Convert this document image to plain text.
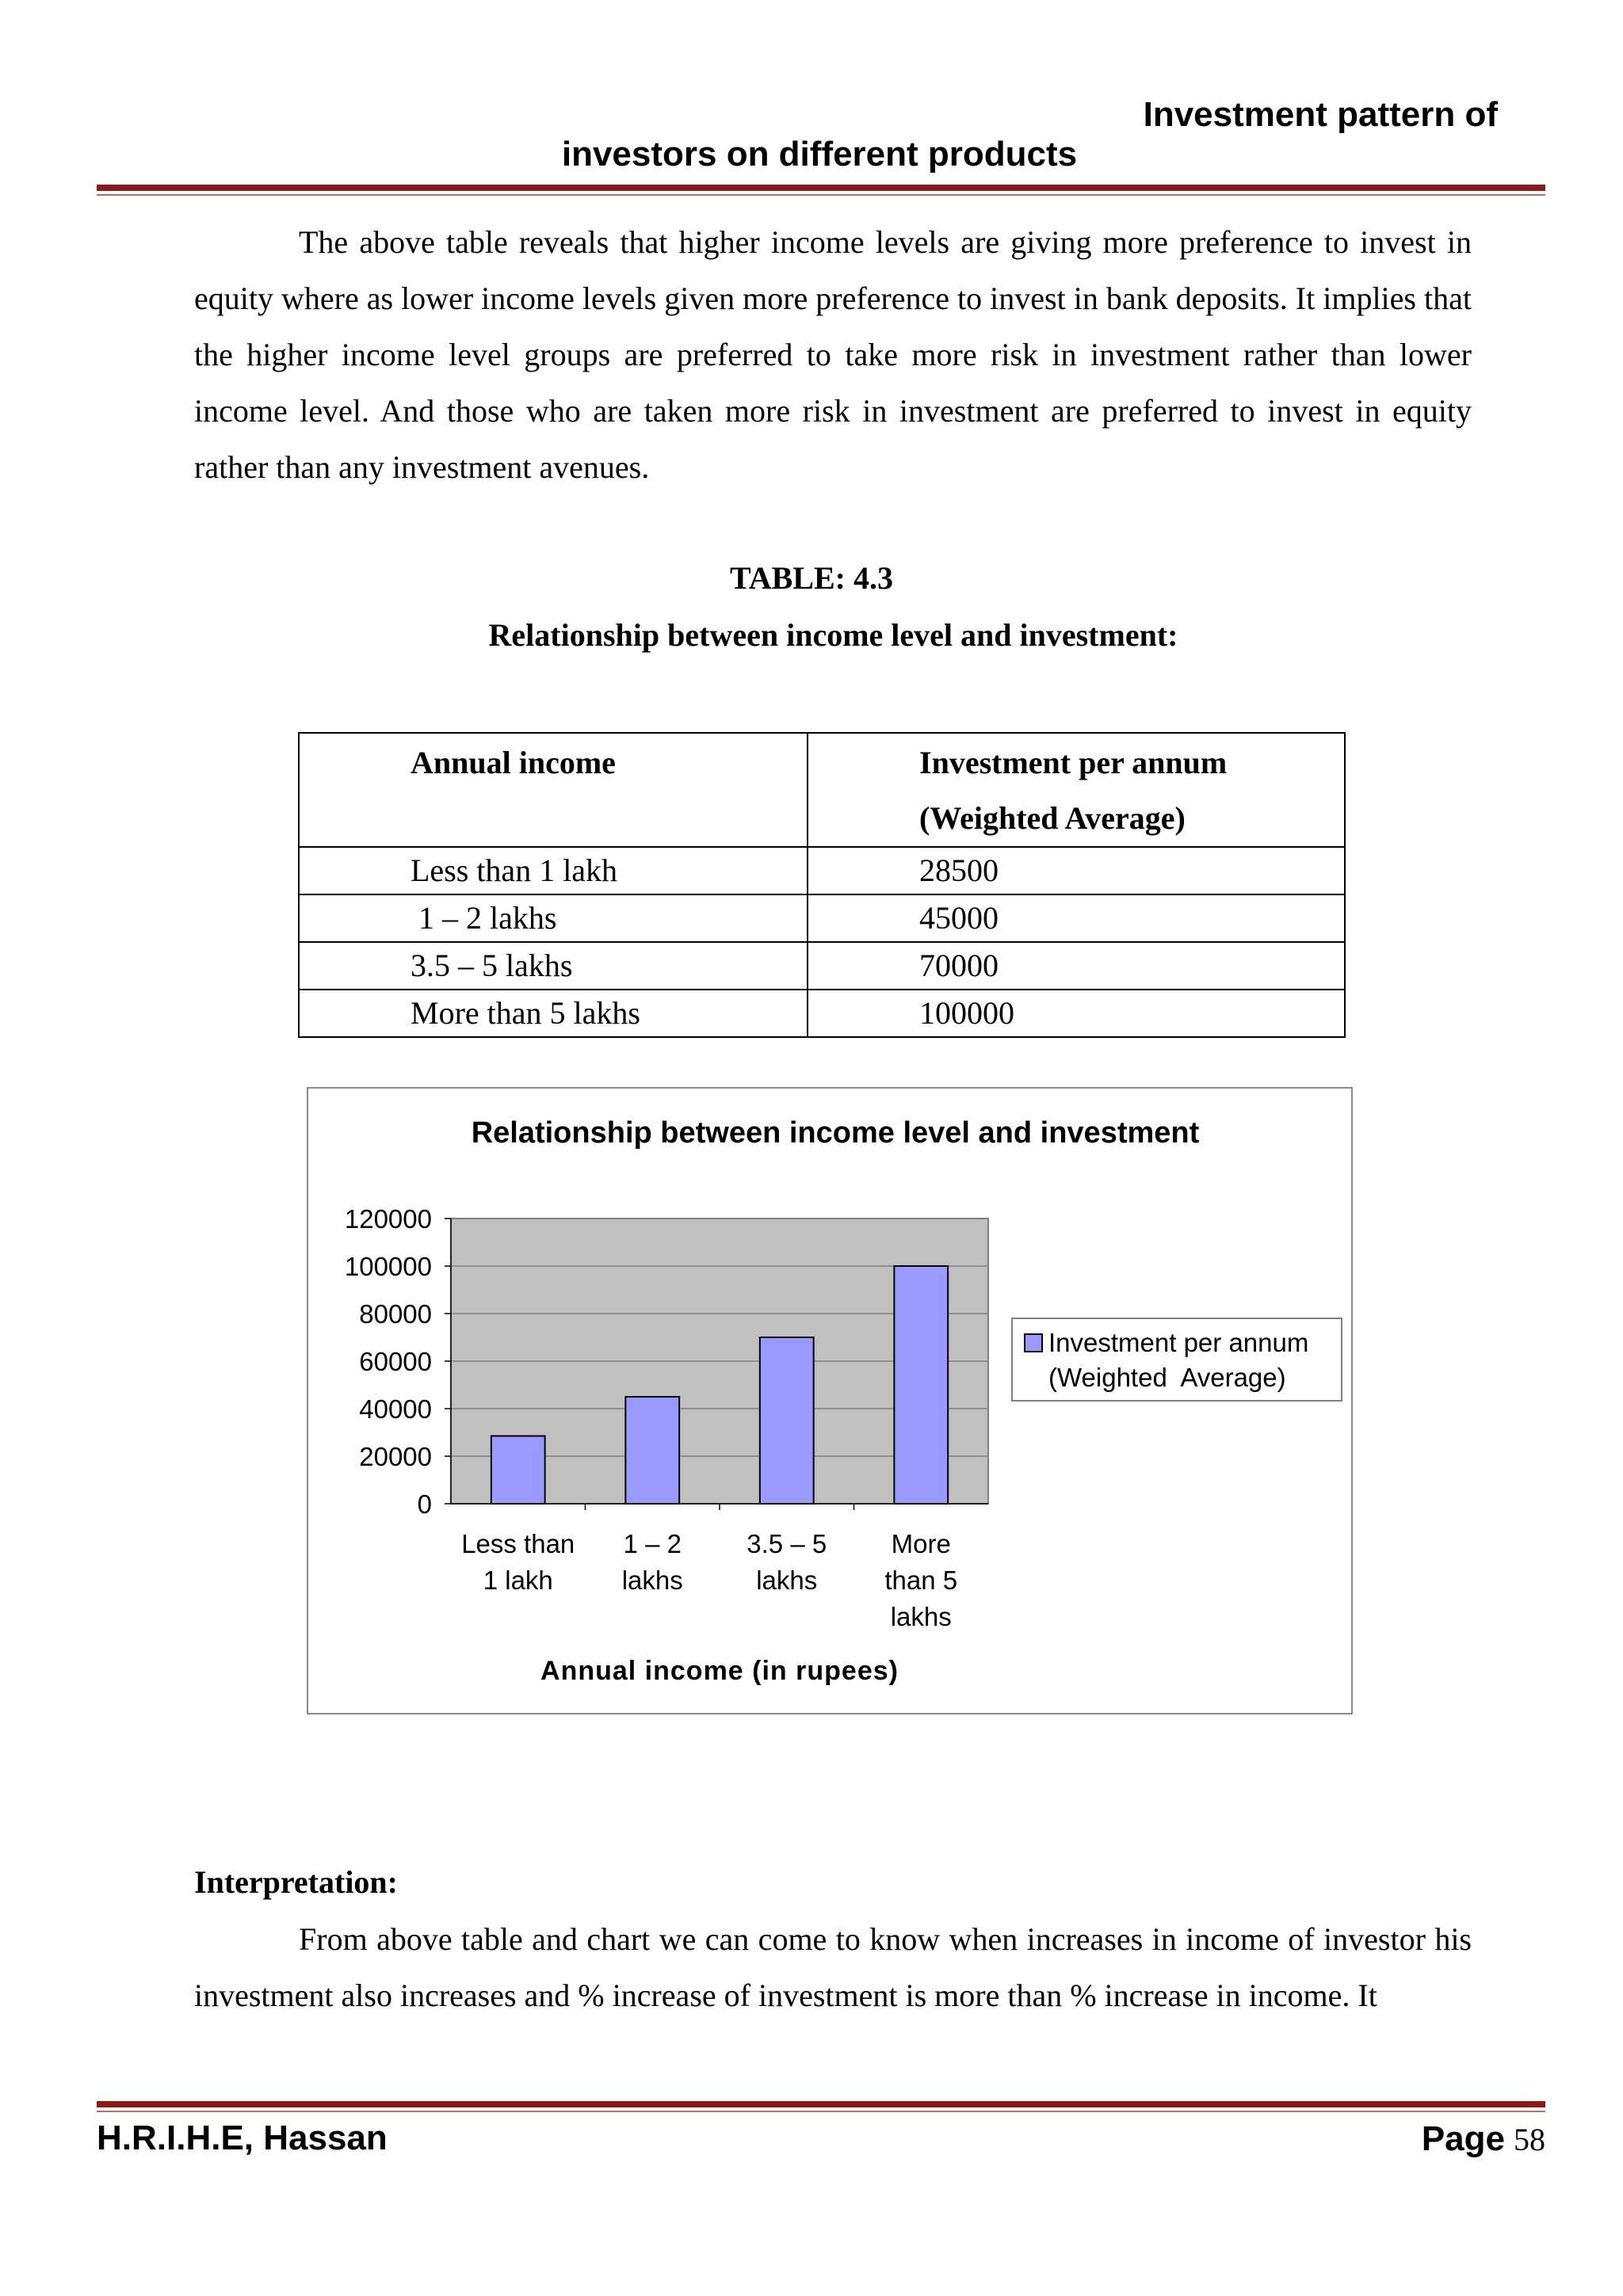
Investment pattern of
investors on different products

The above table reveals that higher income levels are giving more preference to invest in equity where as lower income levels given more preference to invest in bank deposits. It implies that the higher income level groups are preferred to take more risk in investment rather than lower income level. And those who are taken more risk in investment are preferred to invest in equity rather than any investment avenues.

TABLE: 4.3
Relationship between income level and investment:
Annual income	Investment per annum
(Weighted Average)

Less than 1 lakh	28500
1 – 2 lakhs	45000
3.5 – 5 lakhs	70000
More than 5 lakhs	100000
Relationship between income level and investment
120000
100000
80000
60000
40000
20000
0
Less than 1 lakh
1 – 2 lakhs
3.5 – 5 lakhs
More than 5 lakhs
Annual income (in rupees)
Investment per annum
(Weighted  Average)
Interpretation:

From above table and chart we can come to know when increases in income of investor his investment also increases and % increase of investment is more than % increase in income. It

H.R.I.H.E, Hassan	Page 58
